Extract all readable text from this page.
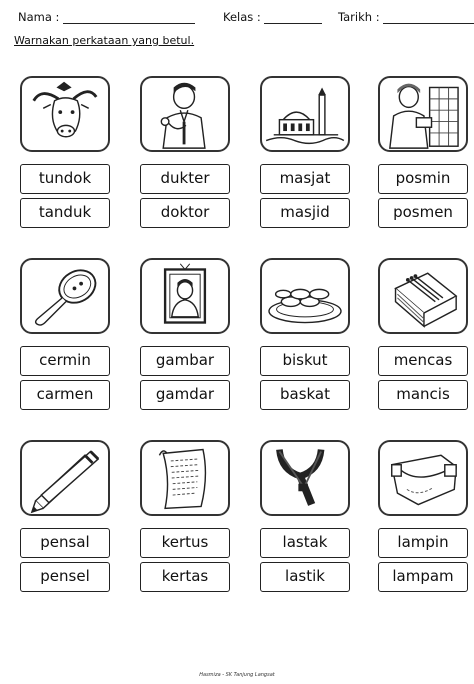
Nama :	Kelas :	Tarikh :
Warnakan perkataan yang betul.
tundok
tanduk
dukter
doktor
masjat
masjid
posmin
posmen
cermin
carmen
gambar
gamdar
biskut
baskat
mencas
mancis
pensal
pensel
kertus
kertas
lastak
lastik
lampin
lampam
Hasmiza - SK Tanjung Langsat
